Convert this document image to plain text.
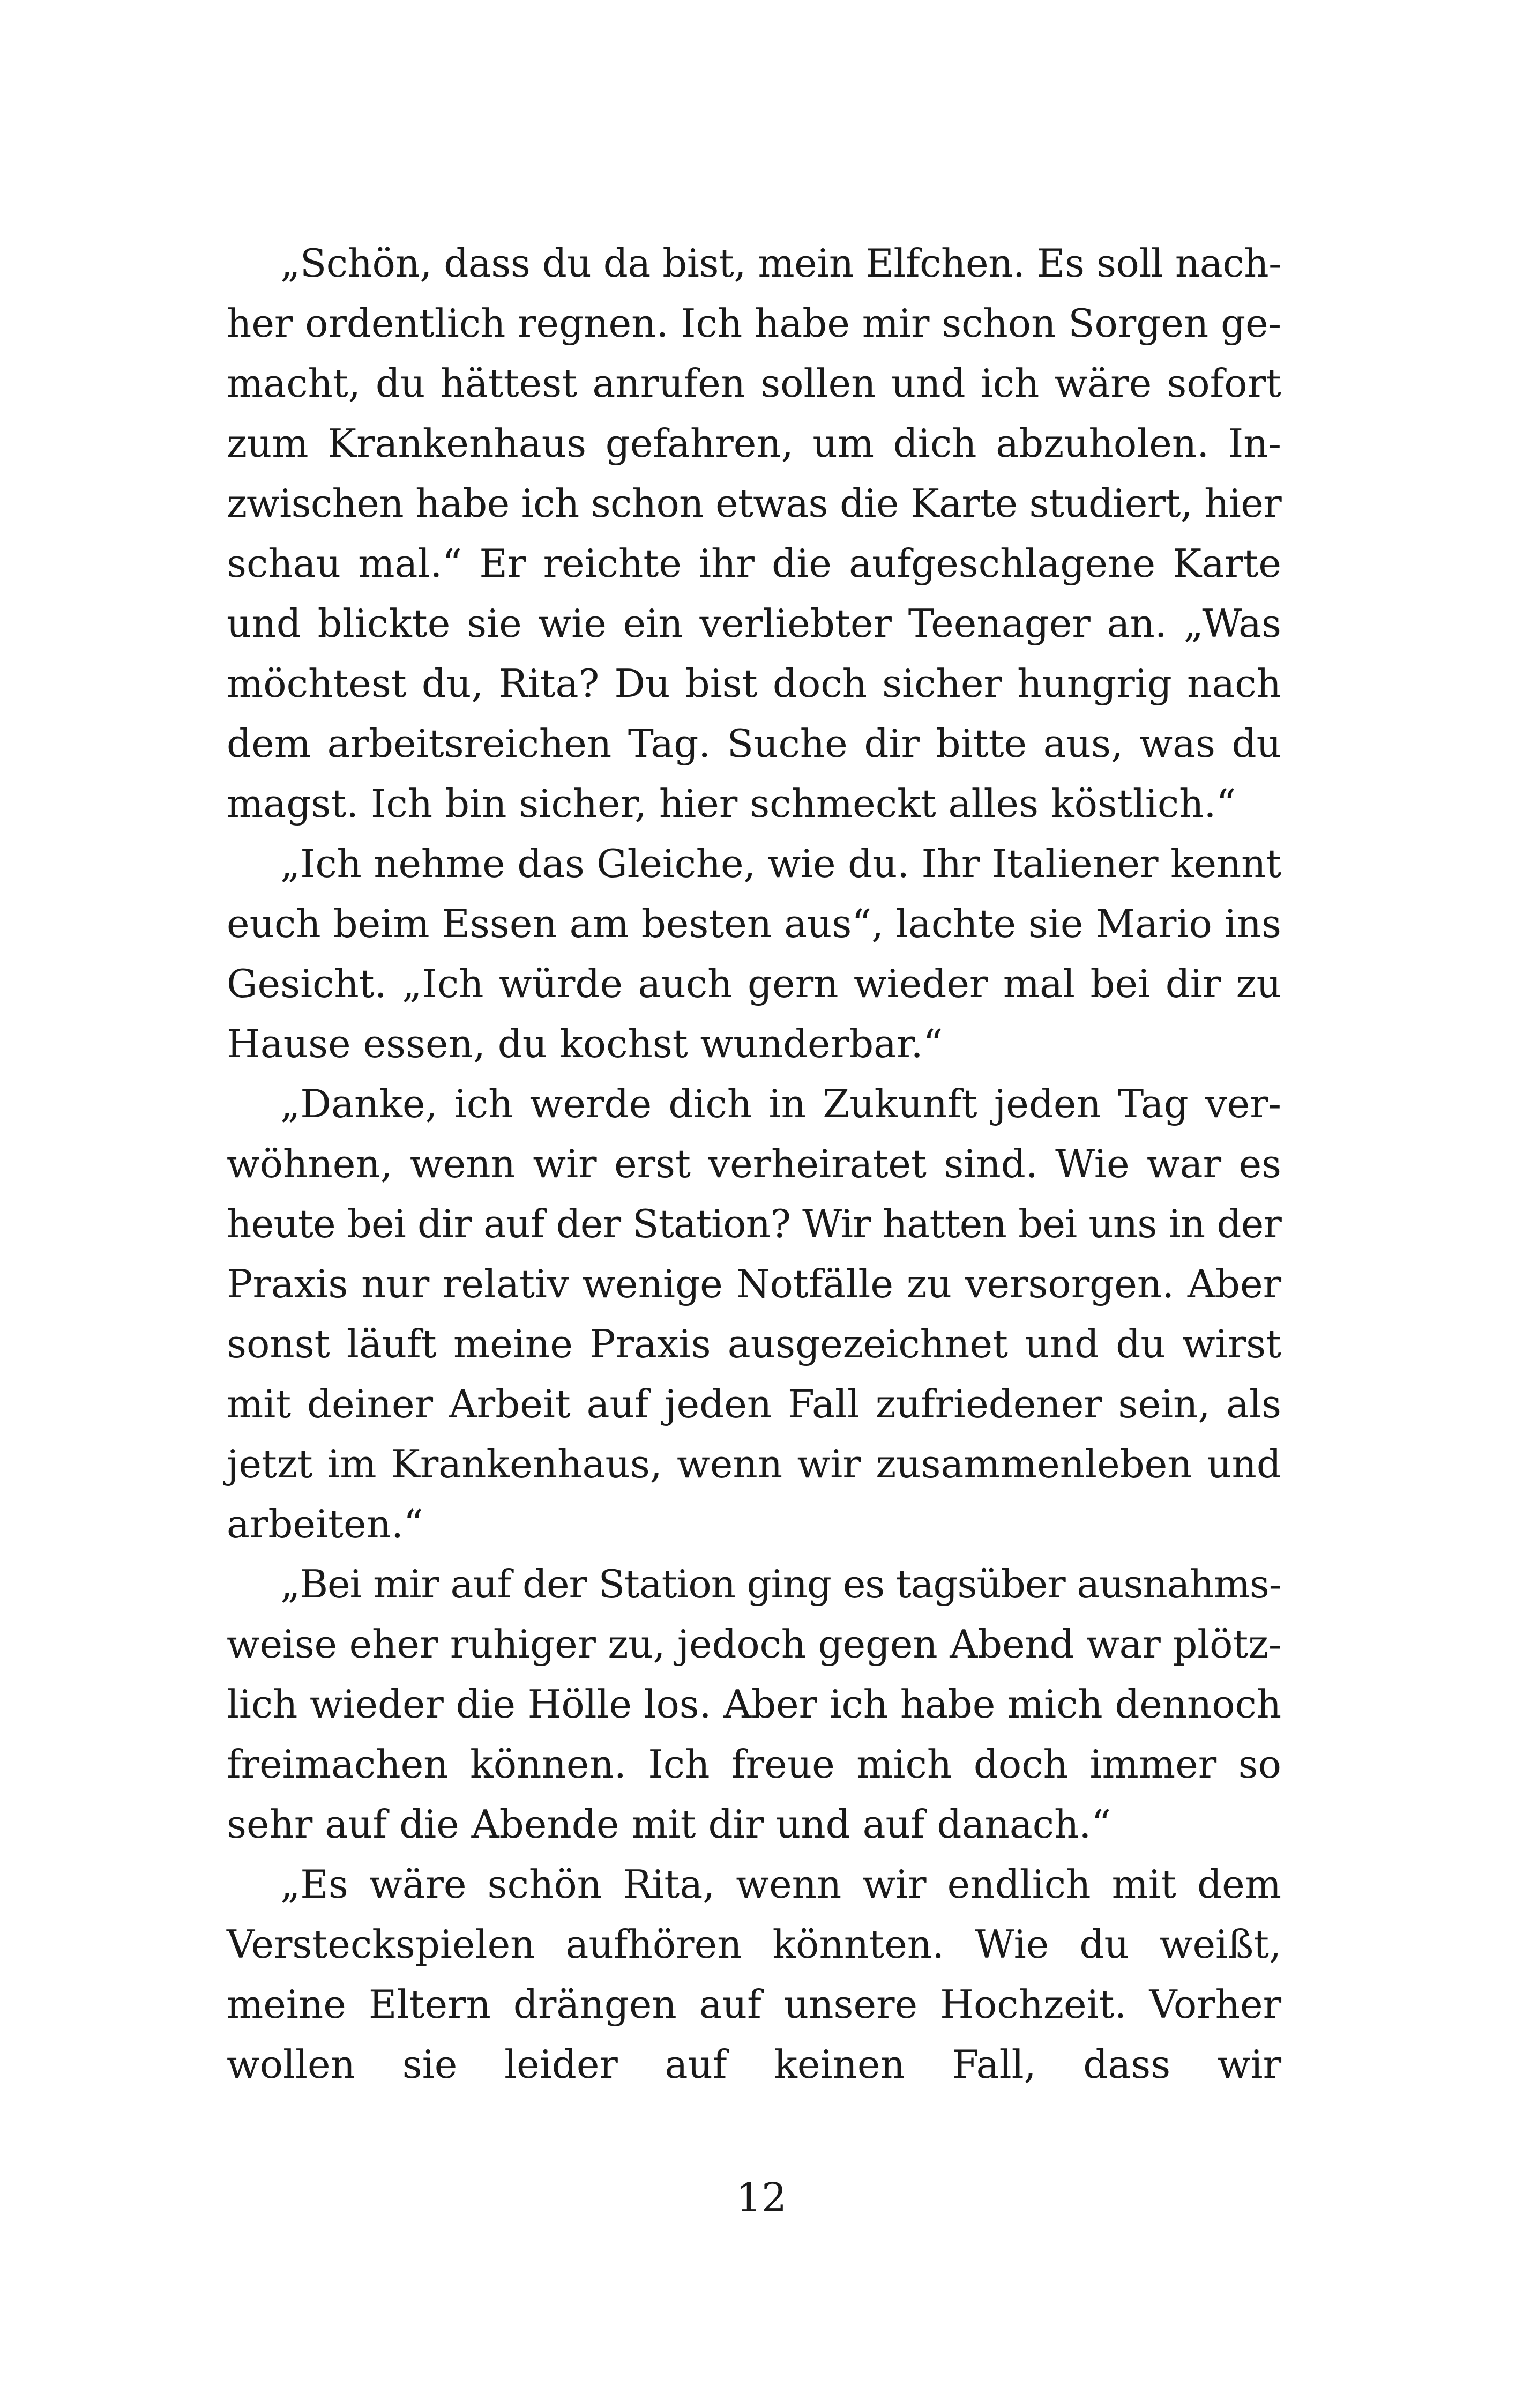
„Schön, dass du da bist, mein Elfchen. Es soll nach-
her ordentlich regnen. Ich habe mir schon Sorgen ge-
macht, du hättest anrufen sollen und ich wäre sofort
zum Krankenhaus gefahren, um dich abzuholen. In-
zwischen habe ich schon etwas die Karte studiert, hier
schau mal.“ Er reichte ihr die aufgeschlagene Karte
und blickte sie wie ein verliebter Teenager an. „Was
möchtest du, Rita? Du bist doch sicher hungrig nach
dem arbeitsreichen Tag. Suche dir bitte aus, was du
magst. Ich bin sicher, hier schmeckt alles köstlich.“

„Ich nehme das Gleiche, wie du. Ihr Italiener kennt
euch beim Essen am besten aus“, lachte sie Mario ins
Gesicht. „Ich würde auch gern wieder mal bei dir zu
Hause essen, du kochst wunderbar.“

„Danke, ich werde dich in Zukunft jeden Tag ver-
wöhnen, wenn wir erst verheiratet sind. Wie war es
heute bei dir auf der Station? Wir hatten bei uns in der
Praxis nur relativ wenige Notfälle zu versorgen. Aber
sonst läuft meine Praxis ausgezeichnet und du wirst
mit deiner Arbeit auf jeden Fall zufriedener sein, als
jetzt im Krankenhaus, wenn wir zusammenleben und
arbeiten.“

„Bei mir auf der Station ging es tagsüber ausnahms-
weise eher ruhiger zu, jedoch gegen Abend war plötz-
lich wieder die Hölle los. Aber ich habe mich dennoch
freimachen können. Ich freue mich doch immer so
sehr auf die Abende mit dir und auf danach.“

„Es wäre schön Rita, wenn wir endlich mit dem
Versteckspielen aufhören könnten. Wie du weißt,
meine Eltern drängen auf unsere Hochzeit. Vorher
wollen sie leider auf keinen Fall, dass wir

12
